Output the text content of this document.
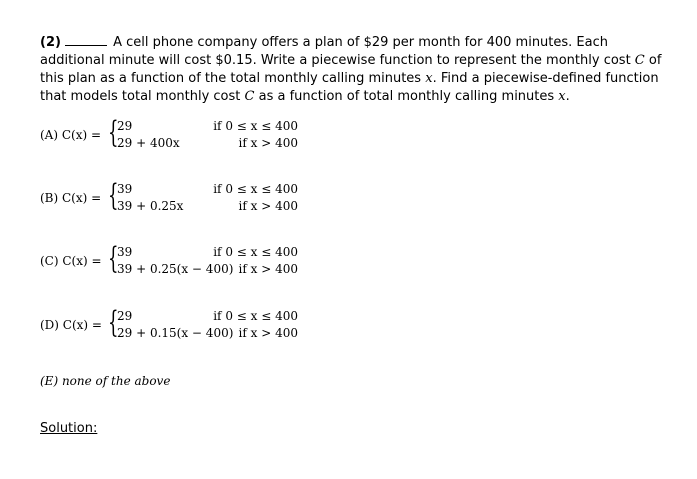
(2)	A cell phone company offers a plan of $29 per month for 400 minutes. Each additional minute will cost $0.15. Write a piecewise function to represent the monthly cost C of this plan as a function of the total monthly calling minutes x. Find a piecewise-defined function that models total monthly cost C as a function of total monthly calling minutes x.
(A) C(x) = {
29
29 + 400x
if 0 ≤ x ≤ 400
if x > 400
(B) C(x) = {
39
39 + 0.25x
if 0 ≤ x ≤ 400
if x > 400
(C) C(x) = {
39
39 + 0.25(x − 400)
if 0 ≤ x ≤ 400
if x > 400
(D) C(x) = {
29
29 + 0.15(x − 400)
if 0 ≤ x ≤ 400
if x > 400
(E) none of the above
Solution:
